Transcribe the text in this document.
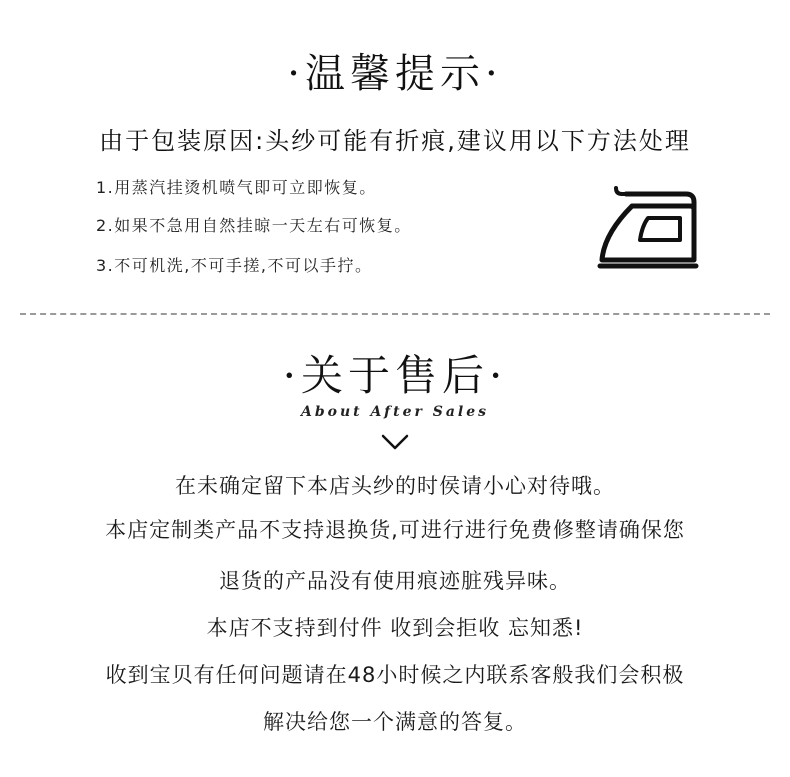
·温馨提示·
由于包装原因:头纱可能有折痕,建议用以下方法处理
1.用蒸汽挂烫机喷气即可立即恢复。
2.如果不急用自然挂晾一天左右可恢复。
3.不可机洗,不可手搓,不可以手拧。
·关于售后·
About After Sales
在未确定留下本店头纱的时侯请小心对待哦。
本店定制类产品不支持退换货,可进行进行免费修整请确保您
退货的产品没有使用痕迹脏残异味。
本店不支持到付件 收到会拒收 忘知悉!
收到宝贝有任何问题请在48小时候之内联系客般我们会积极
解决给您一个满意的答复。
